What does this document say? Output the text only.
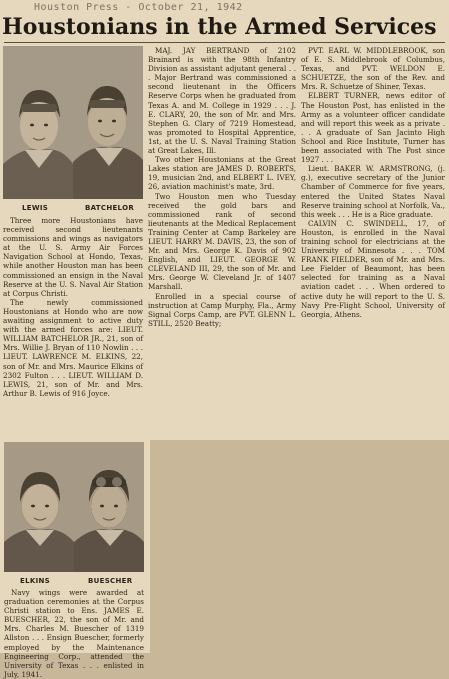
Houston Press - October 21, 1942
Houstonians in the Armed Services
LEWIS	BATCHELOR

Three more Houstonians have received second lieutenants commissions and wings as navigators at the U. S. Army Air Forces Navigation School at Hondo, Texas, while another Houston man has been commissioned an ensign in the Naval Reserve at the U. S. Naval Air Station at Corpus Christi.

The newly commissioned Houstonians at Hondo who are now awaiting assignment to active duty with the armed forces are: LIEUT. WILLIAM BATCHELOR JR., 21, son of Mrs. Willie J. Bryan of 110 Nowlin . . . LIEUT. LAWRENCE M. ELKINS, 22, son of Mr. and Mrs. Maurice Elkins of 2302 Fulton . . . LIEUT. WILLIAM D. LEWIS, 21, son of Mr. and Mrs. Arthur B. Lewis of 916 Joyce.

MAJ. JAY BERTRAND of 2102 Brainard is with the 98th Infantry Division as assistant adjutant general . . . Major Bertrand was commissioned a second lieutenant in the Officers Reserve Corps when he graduated from Texas A. and M. College in 1929 . . . J. E. CLARY, 20, the son of Mr. and Mrs. Stephen G. Clary of 7219 Homestead, was promoted to Hospital Apprentice, 1st, at the U. S. Naval Training Station at Great Lakes, Ill.

Two other Houstonians at the Great Lakes station are JAMES D. ROBERTS, 19, musician 2nd, and ELBERT L. IVEY, 26, aviation machinist's mate, 3rd.

Two Houston men who Tuesday received the gold bars and commissioned rank of second lieutenants at the Medical Replacement Training Center at Camp Barkeley are LIEUT. HARRY M. DAVIS, 23, the son of Mr. and Mrs. George K. Davis of 902 English, and LIEUT. GEORGE W. CLEVELAND III, 29, the son of Mr. and Mrs. George W. Cleveland Jr. of 1407 Marshall.

Enrolled in a special course of instruction at Camp Murphy, Fla., Army Signal Corps Camp, are PVT. GLENN L. STILL, 2520 Beatty;

PVT. EARL W. MIDDLEBROOK, son of E. S. Middlebrook of Columbus, Texas, and PVT. WELDON E. SCHUETZE, the son of the Rev. and Mrs. R. Schuetze of Shiner, Texas.

ELBERT TURNER, news editor of The Houston Post, has enlisted in the Army as a volunteer officer candidate and will report this week as a private . . . A graduate of San Jacinto High School and Rice Institute, Turner has been associated with The Post since 1927 . . .

Lieut. BAKER W. ARMSTRONG, (j. g.), executive secretary of the Junior Chamber of Commerce for five years, entered the United States Naval Reserve training school at Norfolk, Va., this week . . . He is a Rice graduate.

CALVIN C. SWINDELL, 17, of Houston, is enrolled in the Naval training school for electricians at the University of Minnesota . . . TOM FRANK FIELDER, son of Mr. and Mrs. Lee Fielder of Beaumont, has been selected for training as a Naval aviation cadet . . . When ordered to active duty he will report to the U. S. Navy Pre-Flight School, University of Georgia, Athens.

ELKINS	BUESCHER

Navy wings were awarded at graduation ceremonies at the Corpus Christi station to Ens. JAMES E. BUESCHER, 22, the son of Mr. and Mrs. Charles M. Buescher of 1319 Allston . . . Ensign Buescher, formerly employed by the Maintenance Engineering Corp., attended the University of Texas . . . enlisted in July, 1941.
